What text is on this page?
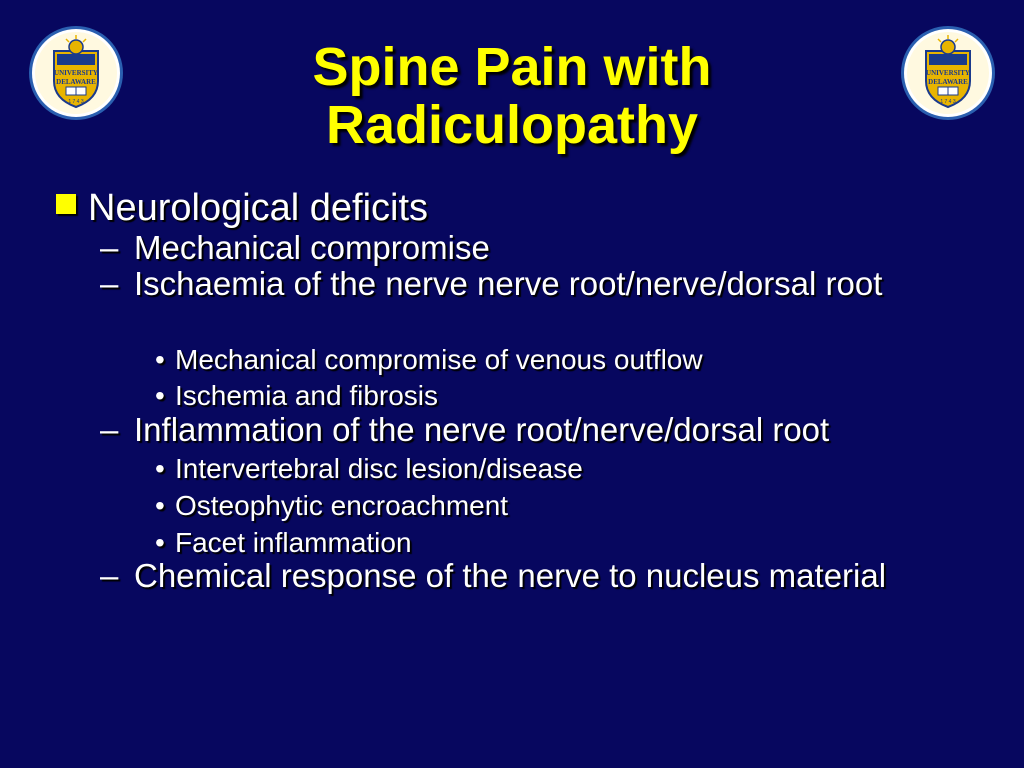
UNIVERSITY
DELAWARE
1 7 4 3
UNIVERSITY
DELAWARE
1 7 4 3
Spine Pain with
Radiculopathy
Neurological deficits
– Mechanical compromise
– Ischaemia of the nerve nerve root/nerve/dorsal root
• Mechanical compromise of venous outflow
• Ischemia and fibrosis
– Inflammation of the nerve root/nerve/dorsal root
• Intervertebral disc lesion/disease
• Osteophytic encroachment
• Facet inflammation
– Chemical response of the nerve to nucleus material
